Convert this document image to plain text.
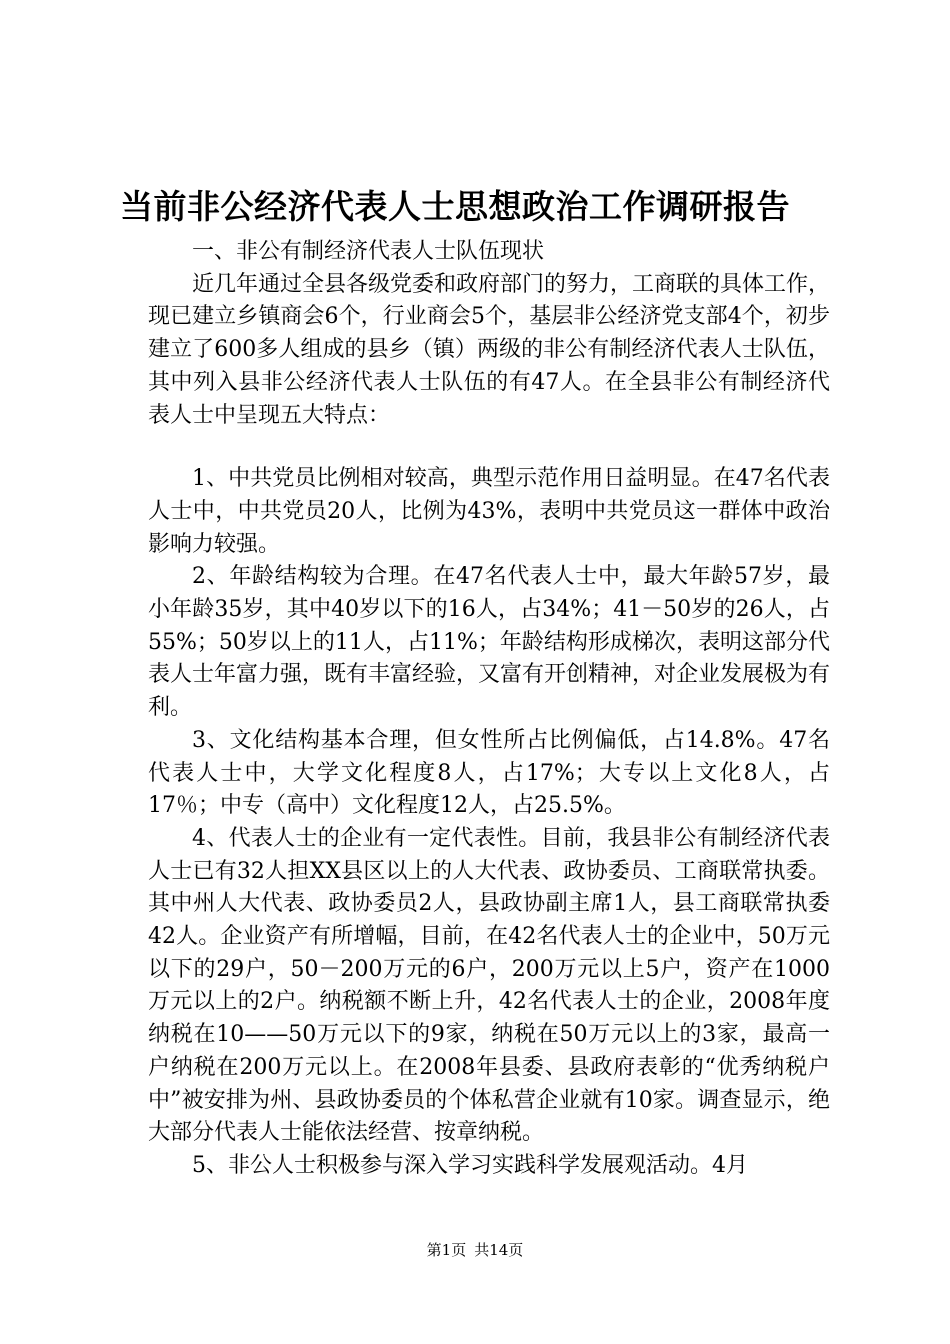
当前非公经济代表人士思想政治工作调研报告

一、非公有制经济代表人士队伍现状

近几年通过全县各级党委和政府部门的努力，工商联的具体工作，现已建立乡镇商会6个，行业商会5个，基层非公经济党支部4个，初步建立了600多人组成的县乡（镇）两级的非公有制经济代表人士队伍，其中列入县非公经济代表人士队伍的有47人。在全县非公有制经济代表人士中呈现五大特点：

1、中共党员比例相对较高，典型示范作用日益明显。在47名代表人士中，中共党员20人，比例为43%，表明中共党员这一群体中政治影响力较强。

2、年龄结构较为合理。在47名代表人士中，最大年龄57岁，最小年龄35岁，其中40岁以下的16人，占34%；41－50岁的26人，占55%；50岁以上的11人，占11%；年龄结构形成梯次，表明这部分代表人士年富力强，既有丰富经验，又富有开创精神，对企业发展极为有利。

3、文化结构基本合理，但女性所占比例偏低，占14.8%。47名代表人士中，大学文化程度8人，占17%；大专以上文化8人，占17％；中专（高中）文化程度12人，占25.5%。

4、代表人士的企业有一定代表性。目前，我县非公有制经济代表人士已有32人担XX县区以上的人大代表、政协委员、工商联常执委。其中州人大代表、政协委员2人，县政协副主席1人，县工商联常执委42人。企业资产有所增幅，目前，在42名代表人士的企业中，50万元以下的29户，50－200万元的6户，200万元以上5户，资产在1000万元以上的2户。纳税额不断上升，42名代表人士的企业，2008年度纳税在10——50万元以下的9家，纳税在50万元以上的3家，最高一户纳税在200万元以上。在2008年县委、县政府表彰的“优秀纳税户中”被安排为州、县政协委员的个体私营企业就有10家。调查显示，绝大部分代表人士能依法经营、按章纳税。

5、非公人士积极参与深入学习实践科学发展观活动。4月

第1页 共14页
